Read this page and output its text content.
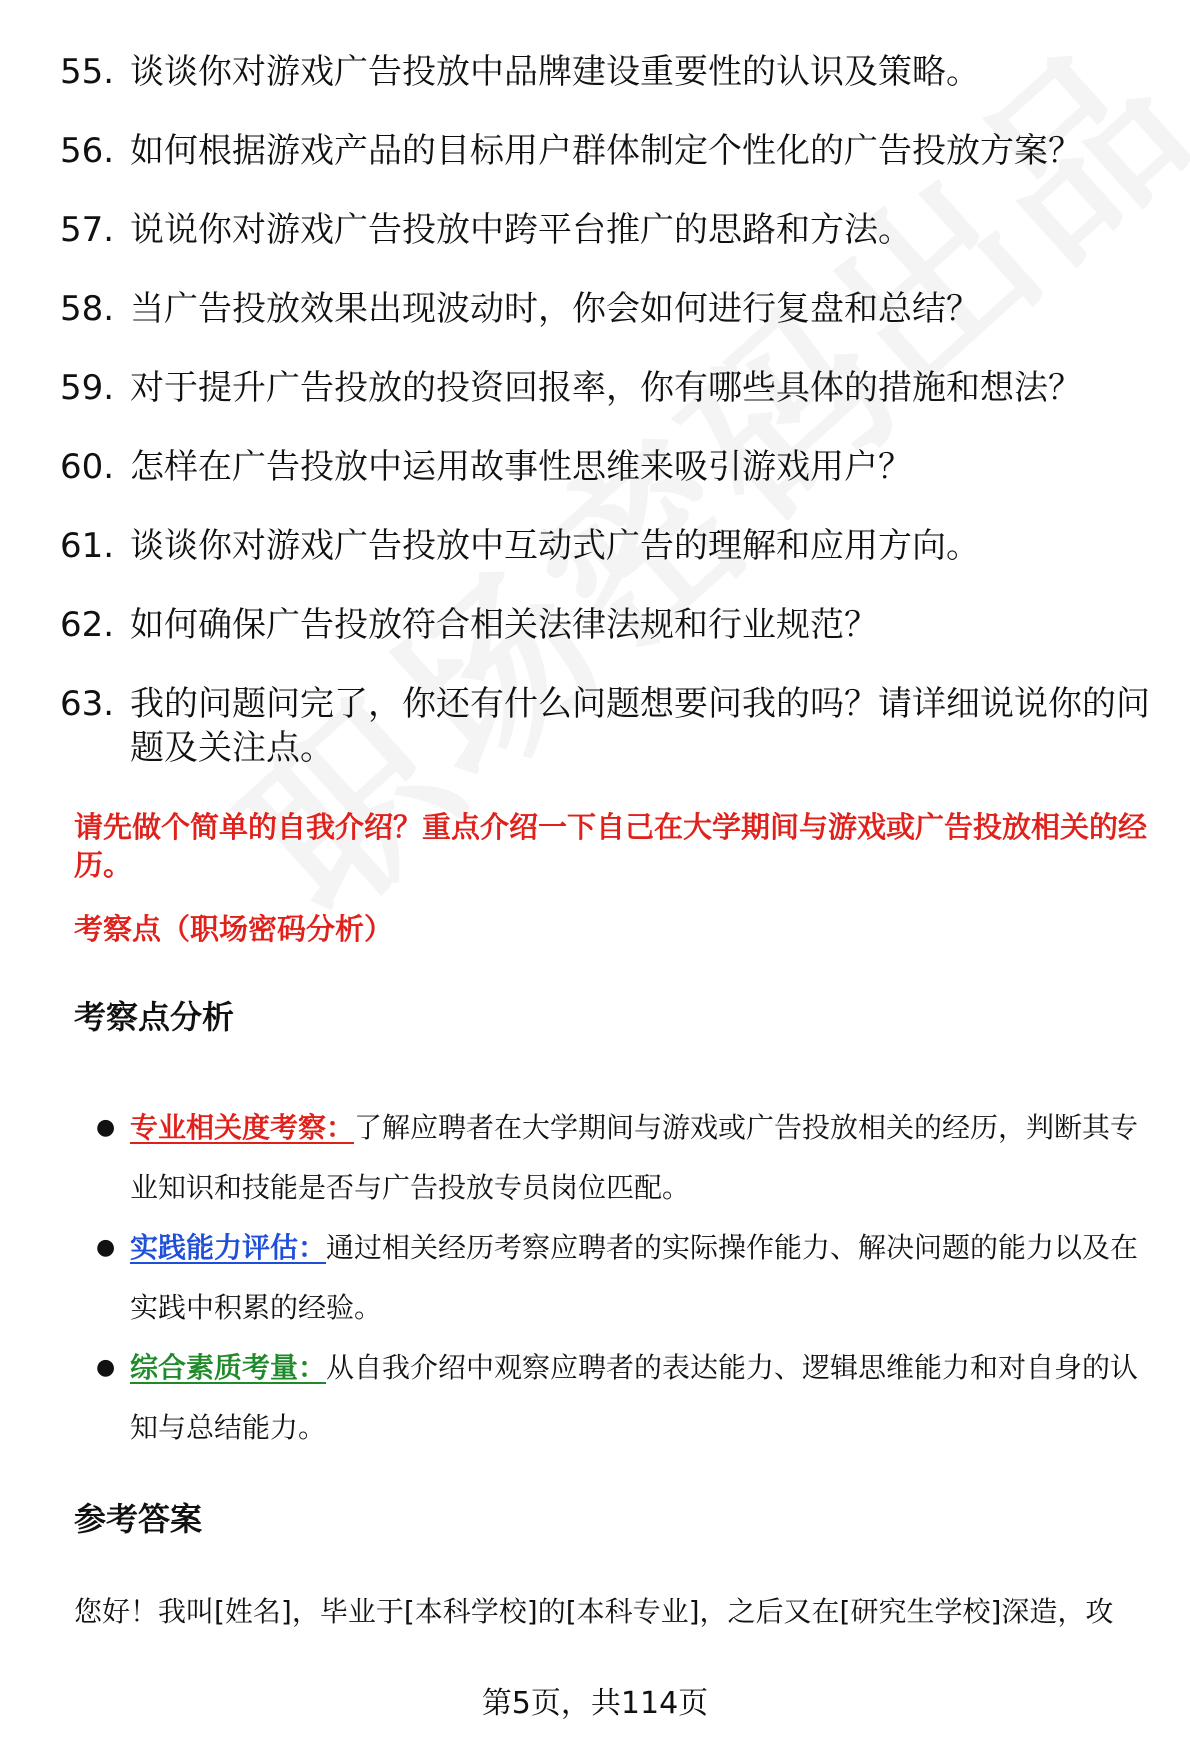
55. 谈谈你对游戏广告投放中品牌建设重要性的认识及策略。
56. 如何根据游戏产品的目标用户群体制定个性化的广告投放方案？
57. 说说你对游戏广告投放中跨平台推广的思路和方法。
58. 当广告投放效果出现波动时，你会如何进行复盘和总结？
59. 对于提升广告投放的投资回报率，你有哪些具体的措施和想法？
60. 怎样在广告投放中运用故事性思维来吸引游戏用户？
61. 谈谈你对游戏广告投放中互动式广告的理解和应用方向。
62. 如何确保广告投放符合相关法律法规和行业规范？
63. 我的问题问完了，你还有什么问题想要问我的吗？请详细说说你的问题及关注点。
请先做个简单的自我介绍？重点介绍一下自己在大学期间与游戏或广告投放相关的经历。
考察点（职场密码分析）
考察点分析
● 专业相关度考察：了解应聘者在大学期间与游戏或广告投放相关的经历，判断其专业知识和技能是否与广告投放专员岗位匹配。
● 实践能力评估：通过相关经历考察应聘者的实际操作能力、解决问题的能力以及在实践中积累的经验。
● 综合素质考量：从自我介绍中观察应聘者的表达能力、逻辑思维能力和对自身的认知与总结能力。
参考答案
您好！我叫[姓名]，毕业于[本科学校]的[本科专业]，之后又在[研究生学校]深造，攻
第5页，共114页
